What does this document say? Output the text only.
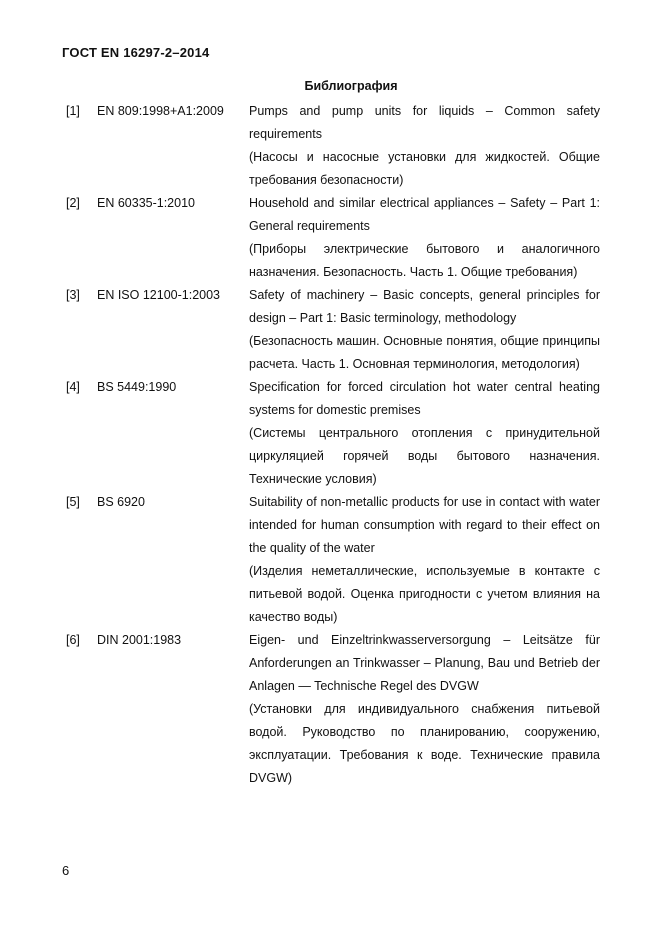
ГОСТ EN 16297-2–2014
Библиография
[1]	EN 809:1998+A1:2009	Pumps and pump units for liquids – Common safety requirements

(Насосы и насосные установки для жидкостей. Общие требования безопасности)

[2]	EN 60335-1:2010	Household and similar electrical appliances – Safety – Part 1: General requirements

(Приборы электрические бытового и аналогичного назначения. Безопасность. Часть 1. Общие требования)

[3]	EN ISO 12100-1:2003	Safety of machinery – Basic concepts, general principles for design – Part 1: Basic terminology, methodology

(Безопасность машин. Основные понятия, общие принципы расчета. Часть 1. Основная терминология, методология)

[4]	BS 5449:1990	Specification for forced circulation hot water central heating systems for domestic premises

(Системы центрального отопления с принудительной циркуляцией горячей воды бытового назначения. Технические условия)

[5]	BS 6920	Suitability of non-metallic products for use in contact with water intended for human consumption with regard to their effect on the quality of the water

(Изделия неметаллические, используемые в контакте с питьевой водой. Оценка пригодности с учетом влияния на качество воды)

[6]	DIN 2001:1983	Eigen- und Einzeltrinkwasserversorgung – Leitsätze für Anforderungen an Trinkwasser – Planung, Bau und Betrieb der Anlagen — Technische Regel des DVGW

(Установки для индивидуального снабжения питьевой водой. Руководство по планированию, сооружению, эксплуатации. Требования к воде. Технические правила DVGW)

6
